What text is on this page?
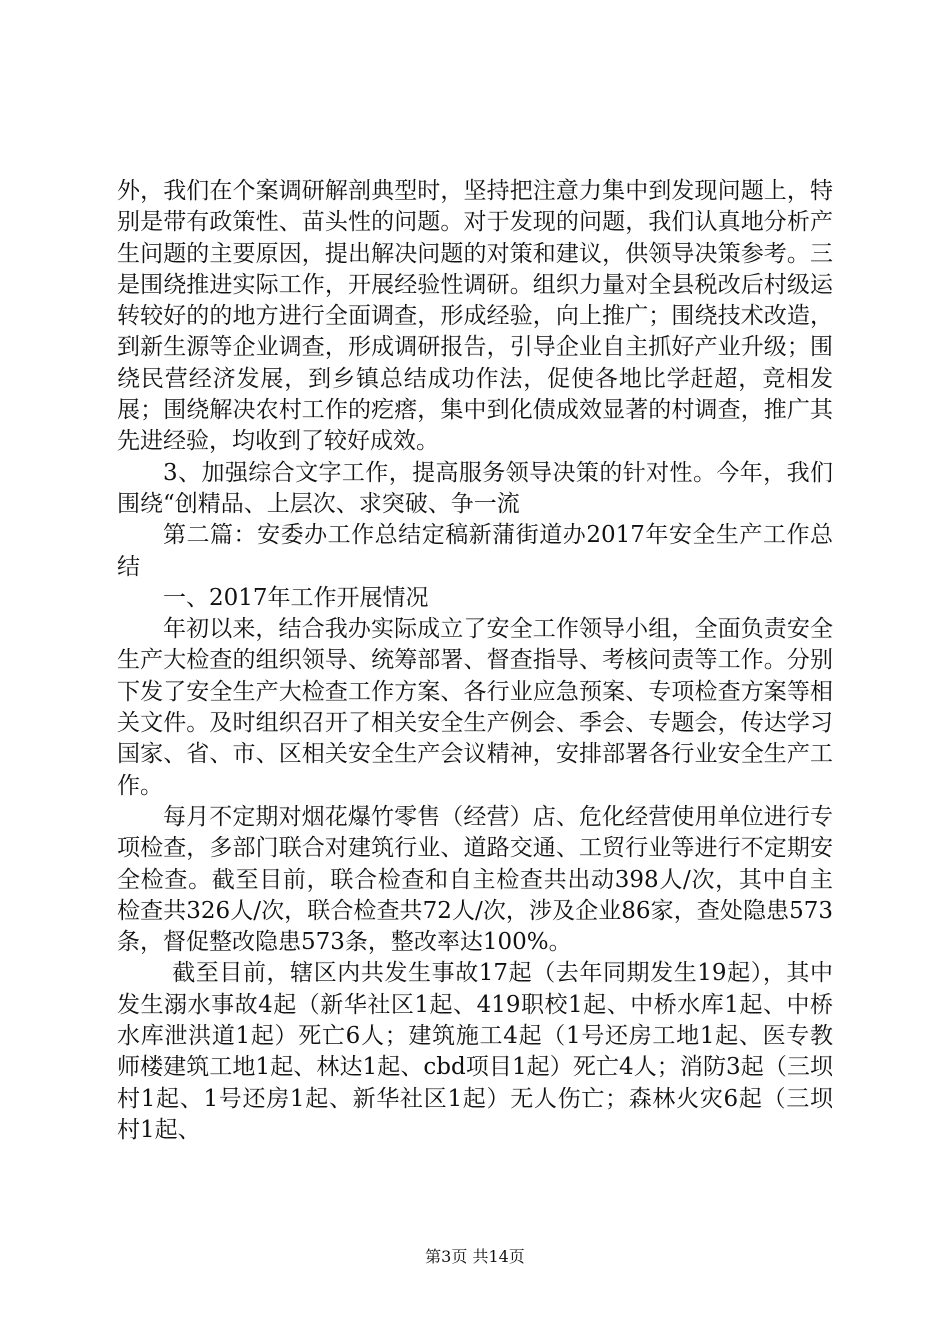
外，我们在个案调研解剖典型时，坚持把注意力集中到发现问题上，特别是带有政策性、苗头性的问题。对于发现的问题，我们认真地分析产生问题的主要原因，提出解决问题的对策和建议，供领导决策参考。三是围绕推进实际工作，开展经验性调研。组织力量对全县税改后村级运转较好的的地方进行全面调查，形成经验，向上推广；围绕技术改造，到新生源等企业调查，形成调研报告，引导企业自主抓好产业升级；围绕民营经济发展，到乡镇总结成功作法，促使各地比学赶超，竞相发展；围绕解决农村工作的疙瘩，集中到化债成效显著的村调查，推广其先进经验，均收到了较好成效。

3、加强综合文字工作，提高服务领导决策的针对性。今年，我们围绕“创精品、上层次、求突破、争一流

第二篇：安委办工作总结定稿新蒲街道办2017年安全生产工作总结

一、2017年工作开展情况

年初以来，结合我办实际成立了安全工作领导小组，全面负责安全生产大检查的组织领导、统筹部署、督查指导、考核问责等工作。分别下发了安全生产大检查工作方案、各行业应急预案、专项检查方案等相关文件。及时组织召开了相关安全生产例会、季会、专题会，传达学习国家、省、市、区相关安全生产会议精神，安排部署各行业安全生产工作。

每月不定期对烟花爆竹零售（经营）店、危化经营使用单位进行专项检查，多部门联合对建筑行业、道路交通、工贸行业等进行不定期安全检查。截至目前，联合检查和自主检查共出动398人/次，其中自主检查共326人/次，联合检查共72人/次，涉及企业86家，查处隐患573条，督促整改隐患573条，整改率达100%。

截至目前，辖区内共发生事故17起（去年同期发生19起），其中发生溺水事故4起（新华社区1起、419职校1起、中桥水库1起、中桥水库泄洪道1起）死亡6人；建筑施工4起（1号还房工地1起、医专教师楼建筑工地1起、林达1起、cbd项目1起）死亡4人；消防3起（三坝村1起、1号还房1起、新华社区1起）无人伤亡；森林火灾6起（三坝村1起、

第3页 共14页
